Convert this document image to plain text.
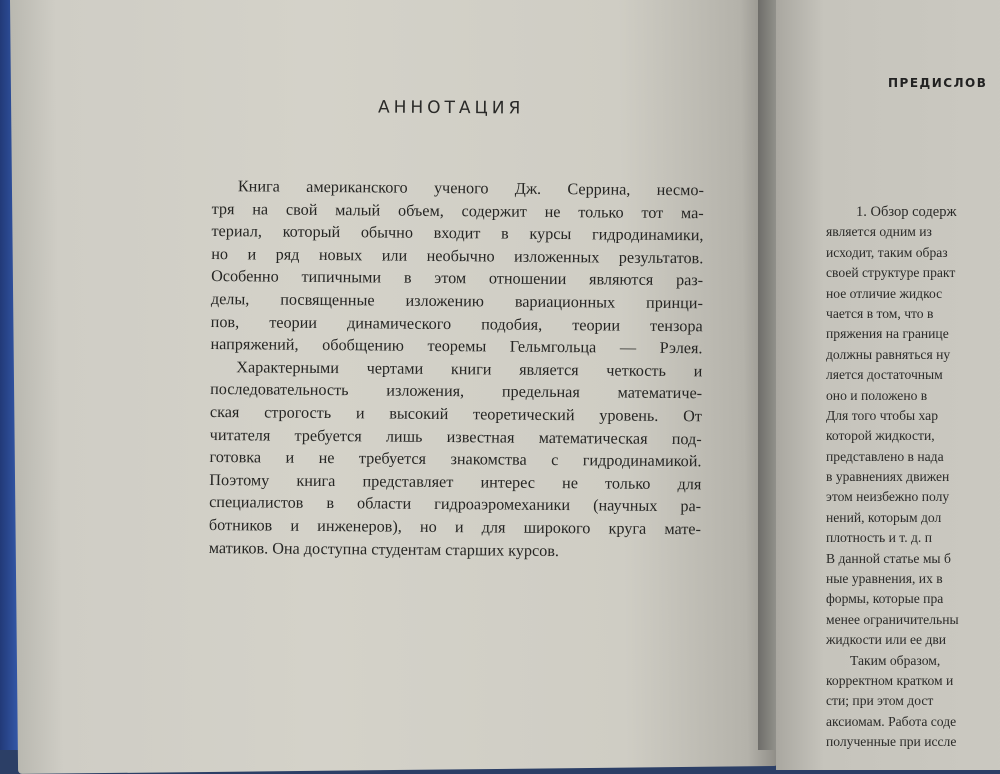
ПРЕДИСЛОВ
1. Обзор содерж
является одним из
исходит, таким образ
своей структуре практ
ное отличие жидкос
чается в том, что в
пряжения на границе
должны равняться ну
ляется достаточным
оно и положено в
Для того чтобы хар
которой жидкости,
представлено в нада
в уравнениях движен
этом неизбежно полу
нений, которым дол
плотность и т. д. п
В данной статье мы б
ные уравнения, их в
формы, которые пра
менее ограничительны
жидкости или ее дви
Таким образом,
корректном кратком и
сти; при этом дост
аксиомам. Работа соде
полученные при иссле
АННОТАЦИЯ
Книга американского ученого Дж. Серрина, несмо-
тря на свой малый объем, содержит не только тот ма-
териал, который обычно входит в курсы гидродинамики,
но и ряд новых или необычно изложенных результатов.
Особенно типичными в этом отношении являются раз-
делы, посвященные изложению вариационных принци-
пов, теории динамического подобия, теории тензора
напряжений, обобщению теоремы Гельмгольца — Рэлея.
Характерными чертами книги является четкость и
последовательность изложения, предельная математиче-
ская строгость и высокий теоретический уровень. От
читателя требуется лишь известная математическая под-
готовка и не требуется знакомства с гидродинамикой.
Поэтому книга представляет интерес не только для
специалистов в области гидроаэромеханики (научных ра-
ботников и инженеров), но и для широкого круга мате-
матиков. Она доступна студентам старших курсов.
